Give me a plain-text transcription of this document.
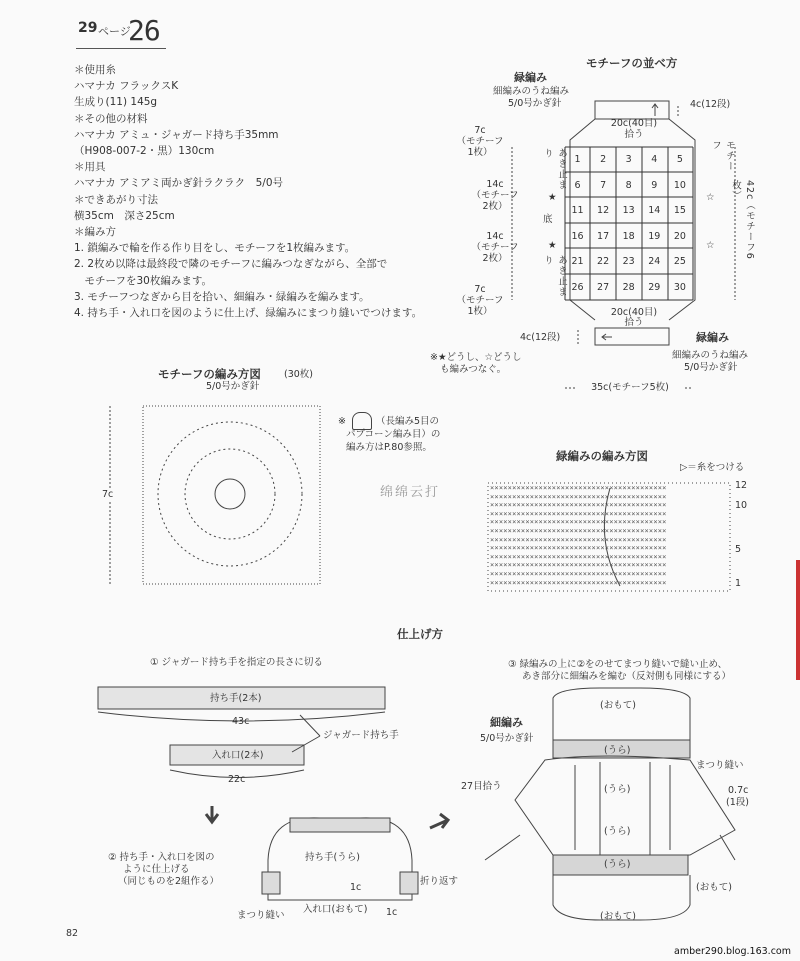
29 ページ
26
＊使用糸
ハマナカ フラックスK
生成り(11) 145g
＊その他の材料
ハマナカ アミュ・ジャガード持ち手35mm
（H908-007-2・黒）130cm
＊用具
ハマナカ アミアミ両かぎ針ラクラク　5/0号
＊できあがり寸法
横35cm　深さ25cm
＊編み方
1. 鎖編みで輪を作る作り目をし、モチーフを1枚編みます。
2. 2枚め以降は最終段で隣のモチーフに編みつなぎながら、全部で
　モチーフを30枚編みます。
3. モチーフつなぎから目を拾い、細編み・緑編みを編みます。
4. 持ち手・入れ口を図のように仕上げ、緑編みにまつり縫いでつけます。
モチーフの並べ方
緑編み
細編みのうね編み
5/0号かぎ針	4c(12段)
20c(40目)
拾う
7c
（モチーフ
1枚）
14c
（モチーフ
2枚）
14c
（モチーフ
2枚）
7c
（モチーフ
1枚）
あき止まり
底
あき止まり
モチーフ
42c（モチーフ6枚）
★
★
☆
☆
1	2	3	4	5
6	7	8	9	10
11	12	13	14	15
16	17	18	19	20
21	22	23	24	25
26	27	28	29	30
20c(40目)
拾う
4c(12段)	緑編み
細編みのうね編み
5/0号かぎ針
※★どうし、☆どうし
も編みつなぐ。
35c(モチーフ5枚)
モチーフの編み方図 (30枚)
5/0号かぎ針
7c
※	（長編み5目の
パプコーン編み目）の
編み方はP.80参照。
绵绵云打
緑編みの編み方図
▷＝糸をつける
12
10
5
1
××××××××××××××××××××××××××××××××××××××××
××××××××××××××××××××××××××××××××××××××××
××××××××××××××××××××××××××××××××××××××××
××××××××××××××××××××××××××××××××××××××××
××××××××××××××××××××××××××××××××××××××××
××××××××××××××××××××××××××××××××××××××××
××××××××××××××××××××××××××××××××××××××××
××××××××××××××××××××××××××××××××××××××××
××××××××××××××××××××××××××××××××××××××××
××××××××××××××××××××××××××××××××××××××××
××××××××××××××××××××××××××××××××××××××××
××××××××××××××××××××××××××××××××××××××××

仕上げ方
① ジャガード持ち手を指定の長さに切る
持ち手(2本)
43c
ジャガード持ち手
入れ口(2本)
22c
② 持ち手・入れ口を図の
ように仕上げる
（同じものを2組作る）
持ち手(うら)
1c
折り返す
入れ口(おもて) 1c
まつり縫い
③ 緑編みの上に②をのせてまつり縫いで縫い止め、
あき部分に細編みを編む（反対側も同様にする）
細編み
5/0号かぎ針
27目拾う
(おもて)
(うら)
まつり縫い
(うら)
(うら)
0.7c
(1段)
(うら)
(おもて)
(おもて)
82
amber290.blog.163.com
